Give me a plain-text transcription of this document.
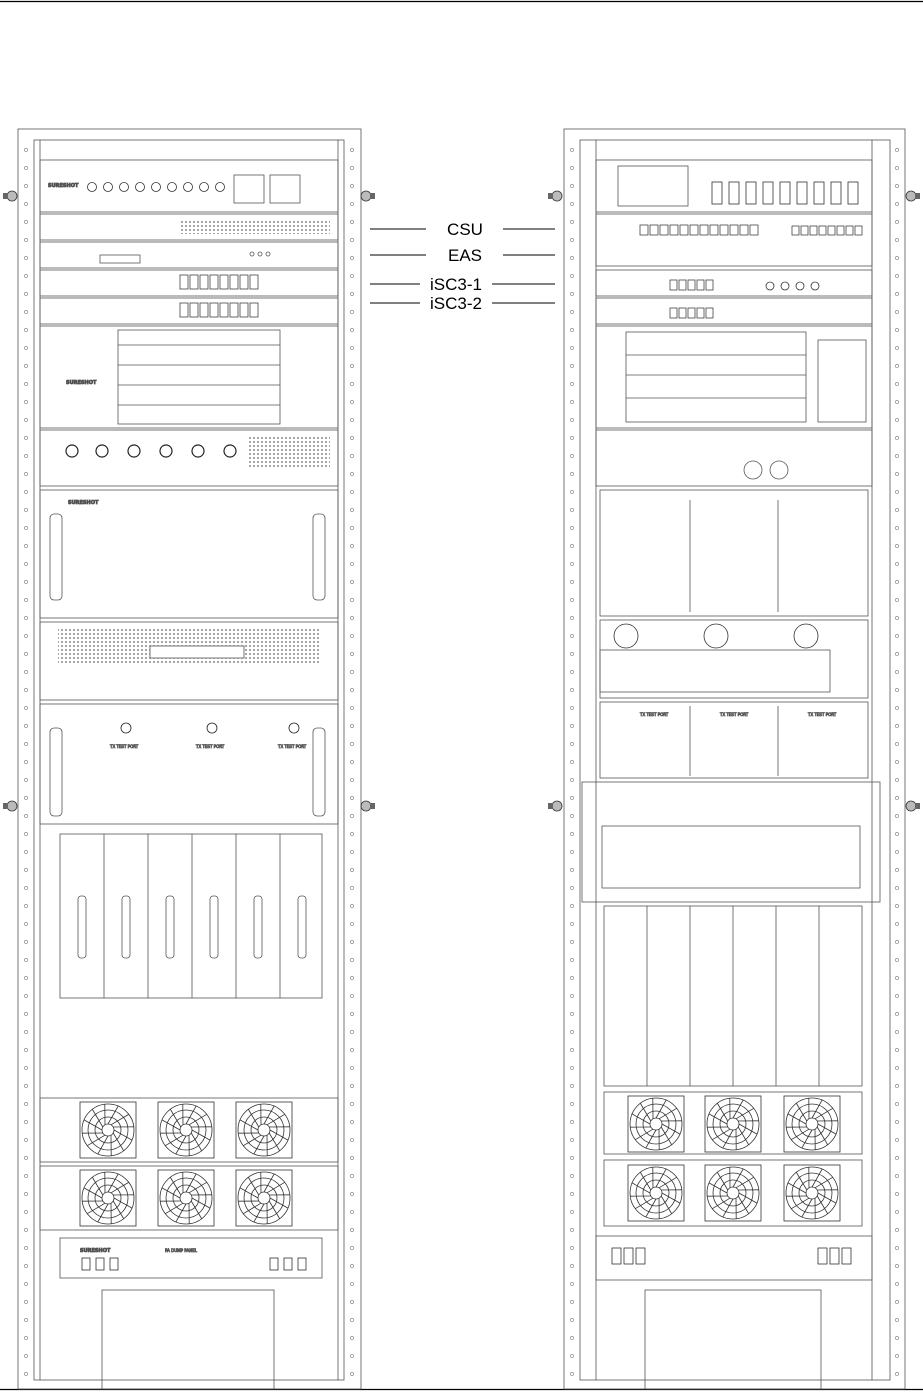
SURESHOT
SURESHOT
SURESHOT
TX TEST PORT	TX TEST PORT	TX TEST PORT
SURESHOT	PA DUMP PANEL
TX TEST PORT	TX TEST PORT	TX TEST PORT
CSU
EAS
iSC3-1
iSC3-2
